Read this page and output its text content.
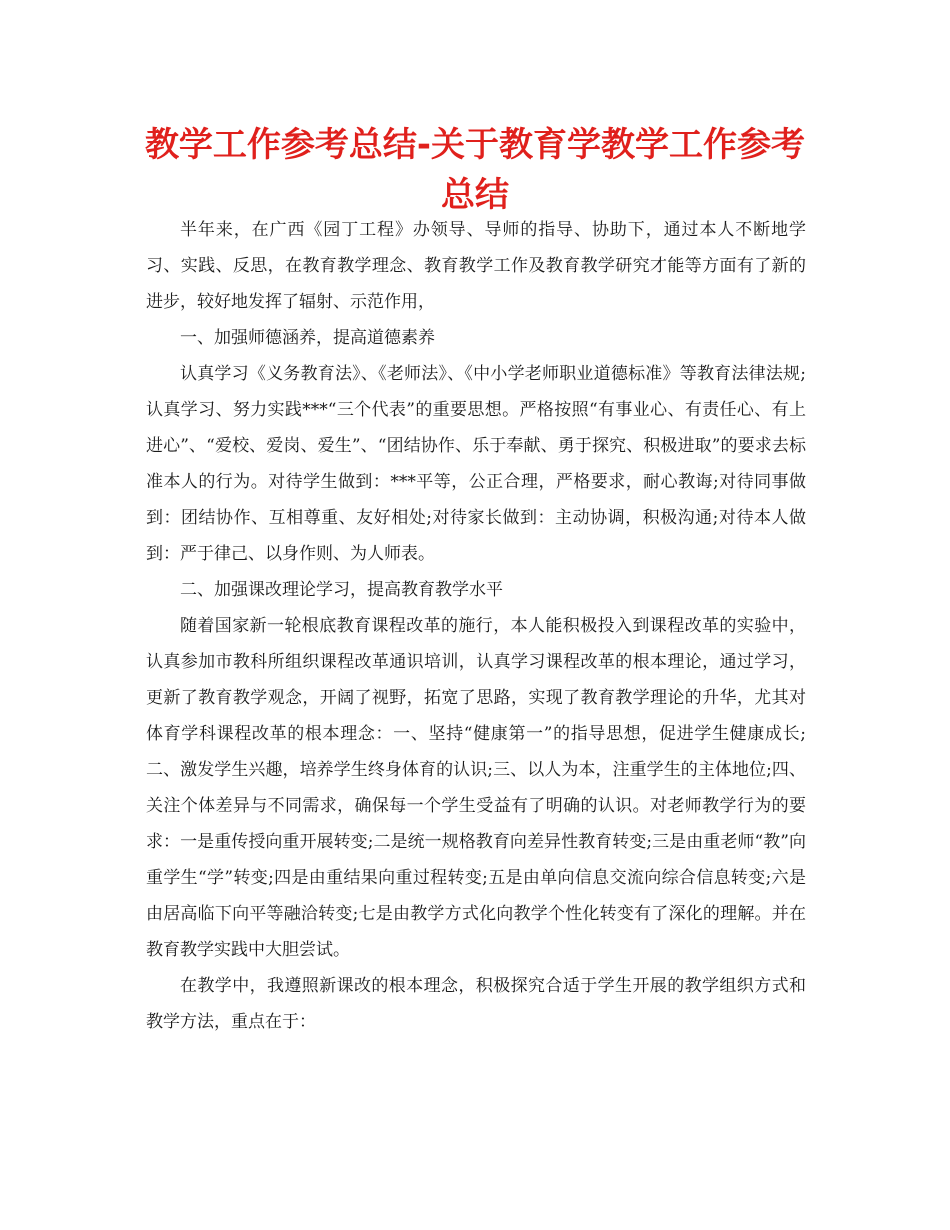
教学工作参考总结-关于教育学教学工作参考总结

半年来，在广西《园丁工程》办领导、导师的指导、协助下，通过本人不断地学习、实践、反思，在教育教学理念、教育教学工作及教育教学研究才能等方面有了新的进步，较好地发挥了辐射、示范作用，

一、加强师德涵养，提高道德素养

认真学习《义务教育法》、《老师法》、《中小学老师职业道德标准》等教育法律法规;认真学习、努力实践***“三个代表”的重要思想。严格按照“有事业心、有责任心、有上进心”、“爱校、爱岗、爱生”、“团结协作、乐于奉献、勇于探究、积极进取”的要求去标准本人的行为。对待学生做到：***平等，公正合理，严格要求，耐心教诲;对待同事做到：团结协作、互相尊重、友好相处;对待家长做到：主动协调，积极沟通;对待本人做到：严于律己、以身作则、为人师表。

二、加强课改理论学习，提高教育教学水平

随着国家新一轮根底教育课程改革的施行，本人能积极投入到课程改革的实验中，认真参加市教科所组织课程改革通识培训，认真学习课程改革的根本理论，通过学习，更新了教育教学观念，开阔了视野，拓宽了思路，实现了教育教学理论的升华，尤其对体育学科课程改革的根本理念：一、坚持“健康第一”的指导思想，促进学生健康成长;二、激发学生兴趣，培养学生终身体育的认识;三、以人为本，注重学生的主体地位;四、关注个体差异与不同需求，确保每一个学生受益有了明确的认识。对老师教学行为的要求：一是重传授向重开展转变;二是统一规格教育向差异性教育转变;三是由重老师“教”向重学生“学”转变;四是由重结果向重过程转变;五是由单向信息交流向综合信息转变;六是由居高临下向平等融洽转变;七是由教学方式化向教学个性化转变有了深化的理解。并在教育教学实践中大胆尝试。

在教学中，我遵照新课改的根本理念，积极探究合适于学生开展的教学组织方式和教学方法，重点在于：
